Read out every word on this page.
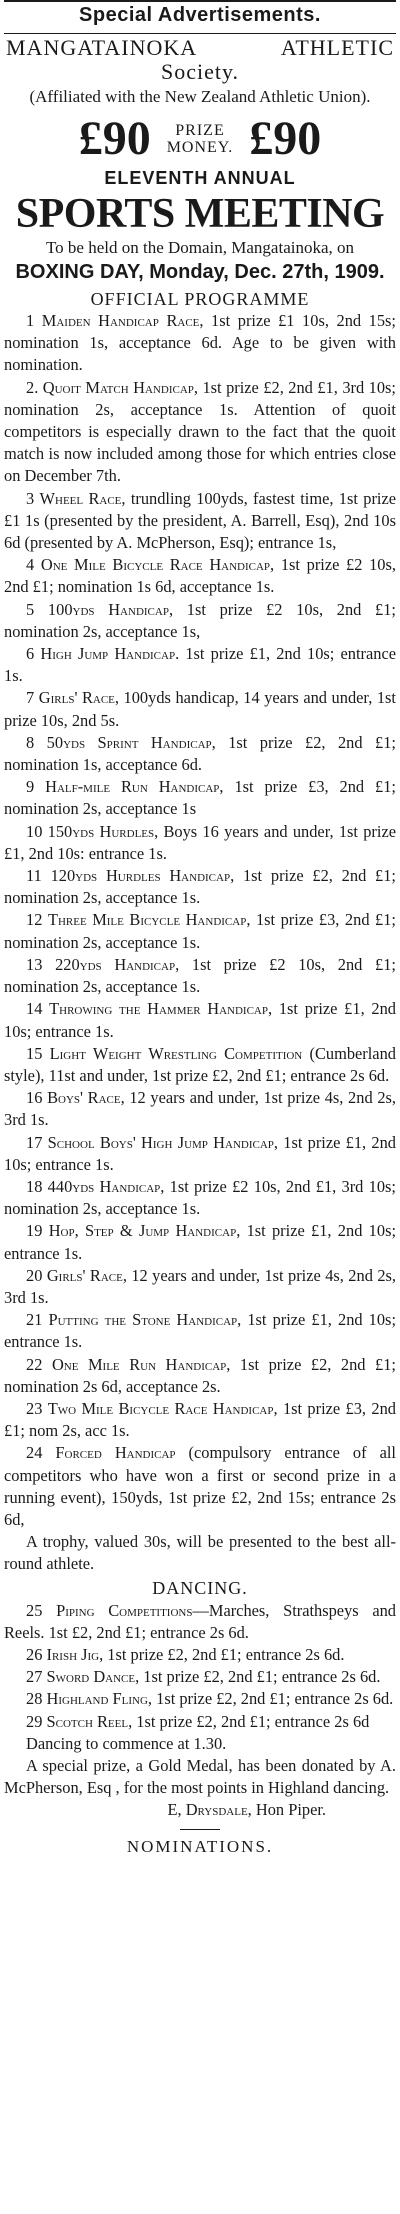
Special Advertisements.
MANGATAINOKA	ATHLETIC
Society.
(Affiliated with the New Zealand Athletic Union).
£90	PRIZE
MONEY. £90
ELEVENTH ANNUAL
SPORTS MEETING
To be held on the Domain, Mangatainoka, on
BOXING DAY, Monday, Dec. 27th, 1909.
OFFICIAL PROGRAMME

1 Maiden Handicap Race, 1st prize £1 10s, 2nd 15s; nomination 1s, acceptance 6d. Age to be given with nomination.

2. Quoit Match Handicap, 1st prize £2, 2nd £1, 3rd 10s; nomination 2s, acceptance 1s. Attention of quoit competitors is especially drawn to the fact that the quoit match is now included among those for which entries close on December 7th.

3 Wheel Race, trundling 100yds, fastest time, 1st prize £1 1s (presented by the president, A. Barrell, Esq), 2nd 10s 6d (presented by A. McPherson, Esq); entrance 1s,

4 One Mile Bicycle Race Handicap, 1st prize £2 10s, 2nd £1; nomination 1s 6d, acceptance 1s.

5 100yds Handicap, 1st prize £2 10s, 2nd £1; nomination 2s, acceptance 1s,

6 High Jump Handicap. 1st prize £1, 2nd 10s; entrance 1s.

7 Girls' Race, 100yds handicap, 14 years and under, 1st prize 10s, 2nd 5s.

8 50yds Sprint Handicap, 1st prize £2, 2nd £1; nomination 1s, acceptance 6d.

9 Half-mile Run Handicap, 1st prize £3, 2nd £1; nomination 2s, acceptance 1s

10 150yds Hurdles, Boys 16 years and under, 1st prize £1, 2nd 10s: entrance 1s.

11 120yds Hurdles Handicap, 1st prize £2, 2nd £1; nomination 2s, acceptance 1s.

12 Three Mile Bicycle Handicap, 1st prize £3, 2nd £1; nomination 2s, acceptance 1s.

13 220yds Handicap, 1st prize £2 10s, 2nd £1; nomination 2s, acceptance 1s.

14 Throwing the Hammer Handicap, 1st prize £1, 2nd 10s; entrance 1s.

15 Light Weight Wrestling Competition (Cumberland style), 11st and under, 1st prize £2, 2nd £1; entrance 2s 6d.

16 Boys' Race, 12 years and under, 1st prize 4s, 2nd 2s, 3rd 1s.

17 School Boys' High Jump Handicap, 1st prize £1, 2nd 10s; entrance 1s.

18 440yds Handicap, 1st prize £2 10s, 2nd £1, 3rd 10s; nomination 2s, acceptance 1s.

19 Hop, Step & Jump Handicap, 1st prize £1, 2nd 10s; entrance 1s.

20 Girls' Race, 12 years and under, 1st prize 4s, 2nd 2s, 3rd 1s.

21 Putting the Stone Handicap, 1st prize £1, 2nd 10s; entrance 1s.

22 One Mile Run Handicap, 1st prize £2, 2nd £1; nomination 2s 6d, acceptance 2s.

23 Two Mile Bicycle Race Handicap, 1st prize £3, 2nd £1; nom 2s, acc 1s.

24 Forced Handicap (compulsory entrance of all competitors who have won a first or second prize in a running event), 150yds, 1st prize £2, 2nd 15s; entrance 2s 6d,

A trophy, valued 30s, will be presented to the best all-round athlete.

DANCING.

25 Piping Competitions—Marches, Strathspeys and Reels. 1st £2, 2nd £1; entrance 2s 6d.

26 Irish Jig, 1st prize £2, 2nd £1; entrance 2s 6d.

27 Sword Dance, 1st prize £2, 2nd £1; entrance 2s 6d.

28 Highland Fling, 1st prize £2, 2nd £1; entrance 2s 6d.

29 Scotch Reel, 1st prize £2, 2nd £1; entrance 2s 6d

Dancing to commence at 1.30.

A special prize, a Gold Medal, has been donated by A. McPherson, Esq , for the most points in Highland dancing.

E, Drysdale, Hon Piper.
NOMINATIONS.
